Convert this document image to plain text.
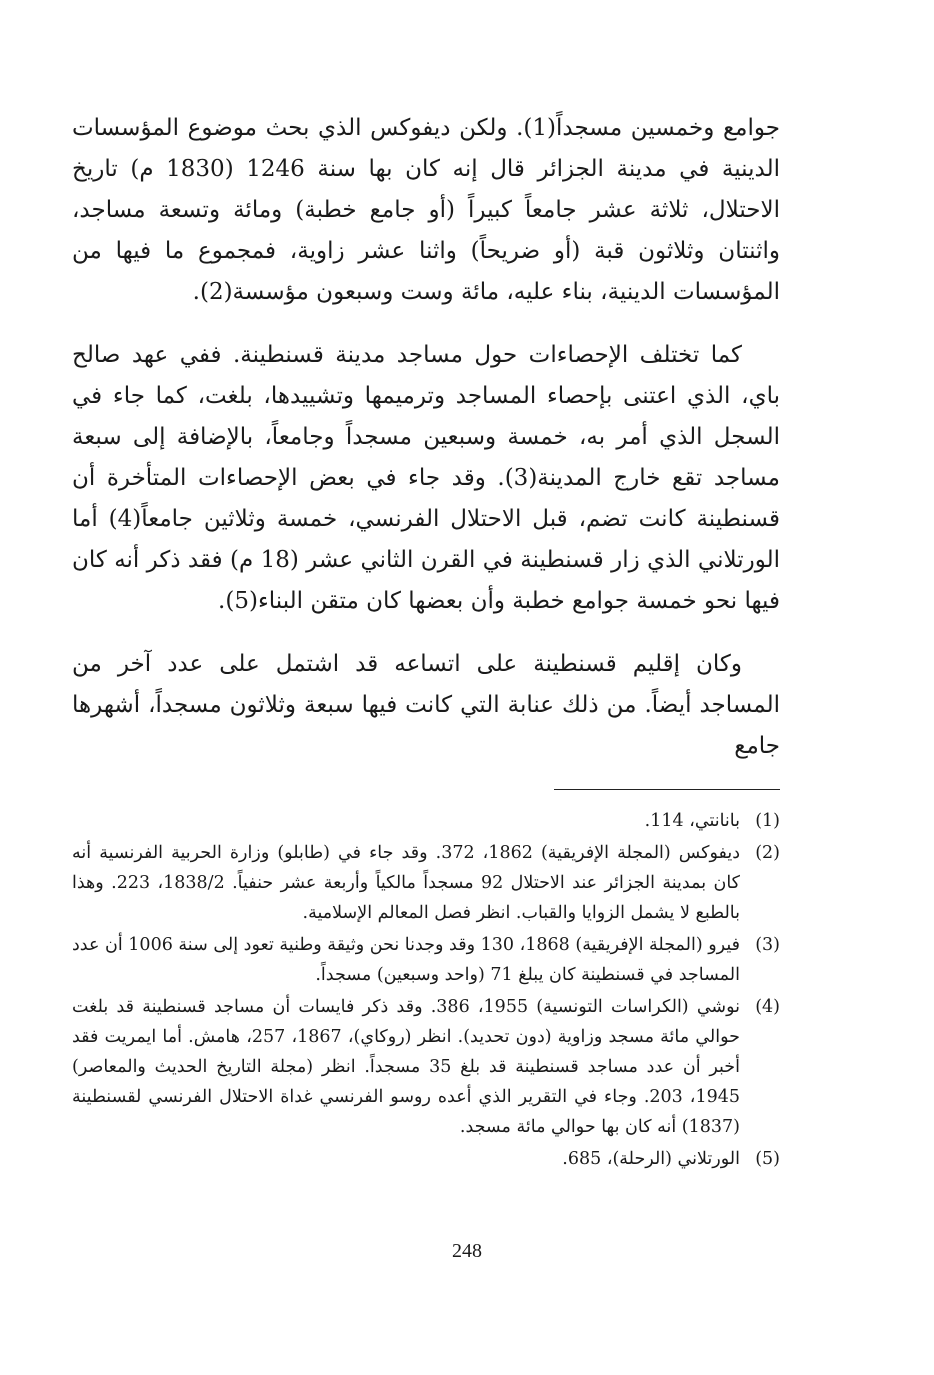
جوامع وخمسين مسجداً(1). ولكن ديفوكس الذي بحث موضوع المؤسسات الدينية في مدينة الجزائر قال إنه كان بها سنة 1246 (1830 م) تاريخ الاحتلال، ثلاثة عشر جامعاً كبيراً (أو جامع خطبة) ومائة وتسعة مساجد، واثنتان وثلاثون قبة (أو ضريحاً) واثنا عشر زاوية، فمجموع ما فيها من المؤسسات الدينية، بناء عليه، مائة وست وسبعون مؤسسة(2).

كما تختلف الإحصاءات حول مساجد مدينة قسنطينة. ففي عهد صالح باي، الذي اعتنى بإحصاء المساجد وترميمها وتشييدها، بلغت، كما جاء في السجل الذي أمر به، خمسة وسبعين مسجداً وجامعاً، بالإضافة إلى سبعة مساجد تقع خارج المدينة(3). وقد جاء في بعض الإحصاءات المتأخرة أن قسنطينة كانت تضم، قبل الاحتلال الفرنسي، خمسة وثلاثين جامعاً(4) أما الورتلاني الذي زار قسنطينة في القرن الثاني عشر (18 م) فقد ذكر أنه كان فيها نحو خمسة جوامع خطبة وأن بعضها كان متقن البناء(5).

وكان إقليم قسنطينة على اتساعه قد اشتمل على عدد آخر من المساجد أيضاً. من ذلك عنابة التي كانت فيها سبعة وثلاثون مسجداً، أشهرها جامع

(1)
بانانتي، 114.
(2)
ديفوكس (المجلة الإفريقية) 1862، 372. وقد جاء في (طابلو) وزارة الحربية الفرنسية أنه كان بمدينة الجزائر عند الاحتلال 92 مسجداً مالكياً وأربعة عشر حنفياً. 1838/2، 223. وهذا بالطبع لا يشمل الزوايا والقباب. انظر فصل المعالم الإسلامية.
(3)
فيرو (المجلة الإفريقية) 1868، 130 وقد وجدنا نحن وثيقة وطنية تعود إلى سنة 1006 أن عدد المساجد في قسنطينة كان يبلغ 71 (واحد وسبعين) مسجداً.
(4)
نوشي (الكراسات التونسية) 1955، 386. وقد ذكر فايسات أن مساجد قسنطينة قد بلغت حوالي مائة مسجد وزاوية (دون تحديد). انظر (روكاي)، 1867، 257، هامش. أما ايمريت فقد أخبر أن عدد مساجد قسنطينة قد بلغ 35 مسجداً. انظر (مجلة التاريخ الحديث والمعاصر) 1945، 203. وجاء في التقرير الذي أعده روسو الفرنسي غداة الاحتلال الفرنسي لقسنطينة (1837) أنه كان بها حوالي مائة مسجد.
(5)
الورتلاني (الرحلة)، 685.
248
